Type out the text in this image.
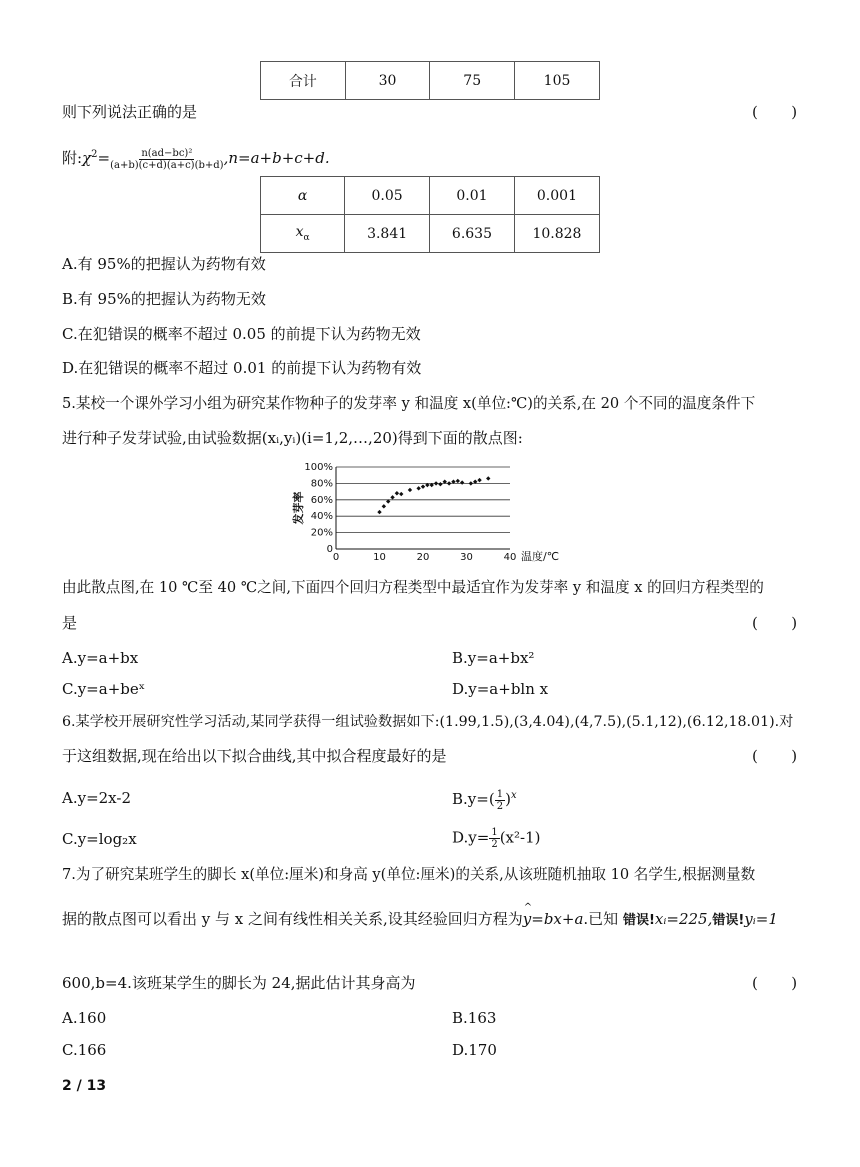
合计	30	75	105
则下列说法正确的是	(       )
附$:\chi^2= \frac{\text{n(ad−bc)²}}{(a+b)(c+d)(a+c)(b+d)} ,n=a+b+c+d$.
α	0.05	0.01	0.001
$x_\alpha$	3.841	6.635	10.828
A.有 95%的把握认为药物有效
B.有 95%的把握认为药物无效
C.在犯错误的概率不超过 0.05 的前提下认为药物无效
D.在犯错误的概率不超过 0.01 的前提下认为药物有效
5.某校一个课外学习小组为研究某作物种子的发芽率 y 和温度 x(单位:℃)的关系,在 20 个不同的温度条件下
进行种子发芽试验,由试验数据(xᵢ,yᵢ)(i=1,2,…,20)得到下面的散点图:
0
20%
40%
60%
80%
100%
0	10	20	30	40 温度/℃
发芽率
由此散点图,在 10 ℃至 40 ℃之间,下面四个回归方程类型中最适宜作为发芽率 y 和温度 x 的回归方程类型的
是	(       )
A.y=a+bx	B.y=a+bx²
C.y=a+beˣ	D.y=a+bln x
6.某学校开展研究性学习活动,某同学获得一组试验数据如下:(1.99,1.5),(3,4.04),(4,7.5),(5.1,12),(6.12,18.01).对
于这组数据,现在给出以下拟合曲线,其中拟合程度最好的是	(       )
A.y=2x-2	$B.y=( \frac{1}{2} )^x$
C.y=log₂x	$D.y= \frac{1}{2} (x^2-1)$
7.为了研究某班学生的脚长 x(单位:厘米)和身高 y(单位:厘米)的关系,从该班随机抽取 10 名学生,根据测量数
据的散点图可以看出 y 与 x 之间有线性相关关系,设其经验回归方程为^ y=bx+a.已知 错误!xᵢ=225,错误!yᵢ=1
600,b=4.该班某学生的脚长为 24,据此估计其身高为	(       )
A.160	B.163
C.166	D.170
2 / 13
